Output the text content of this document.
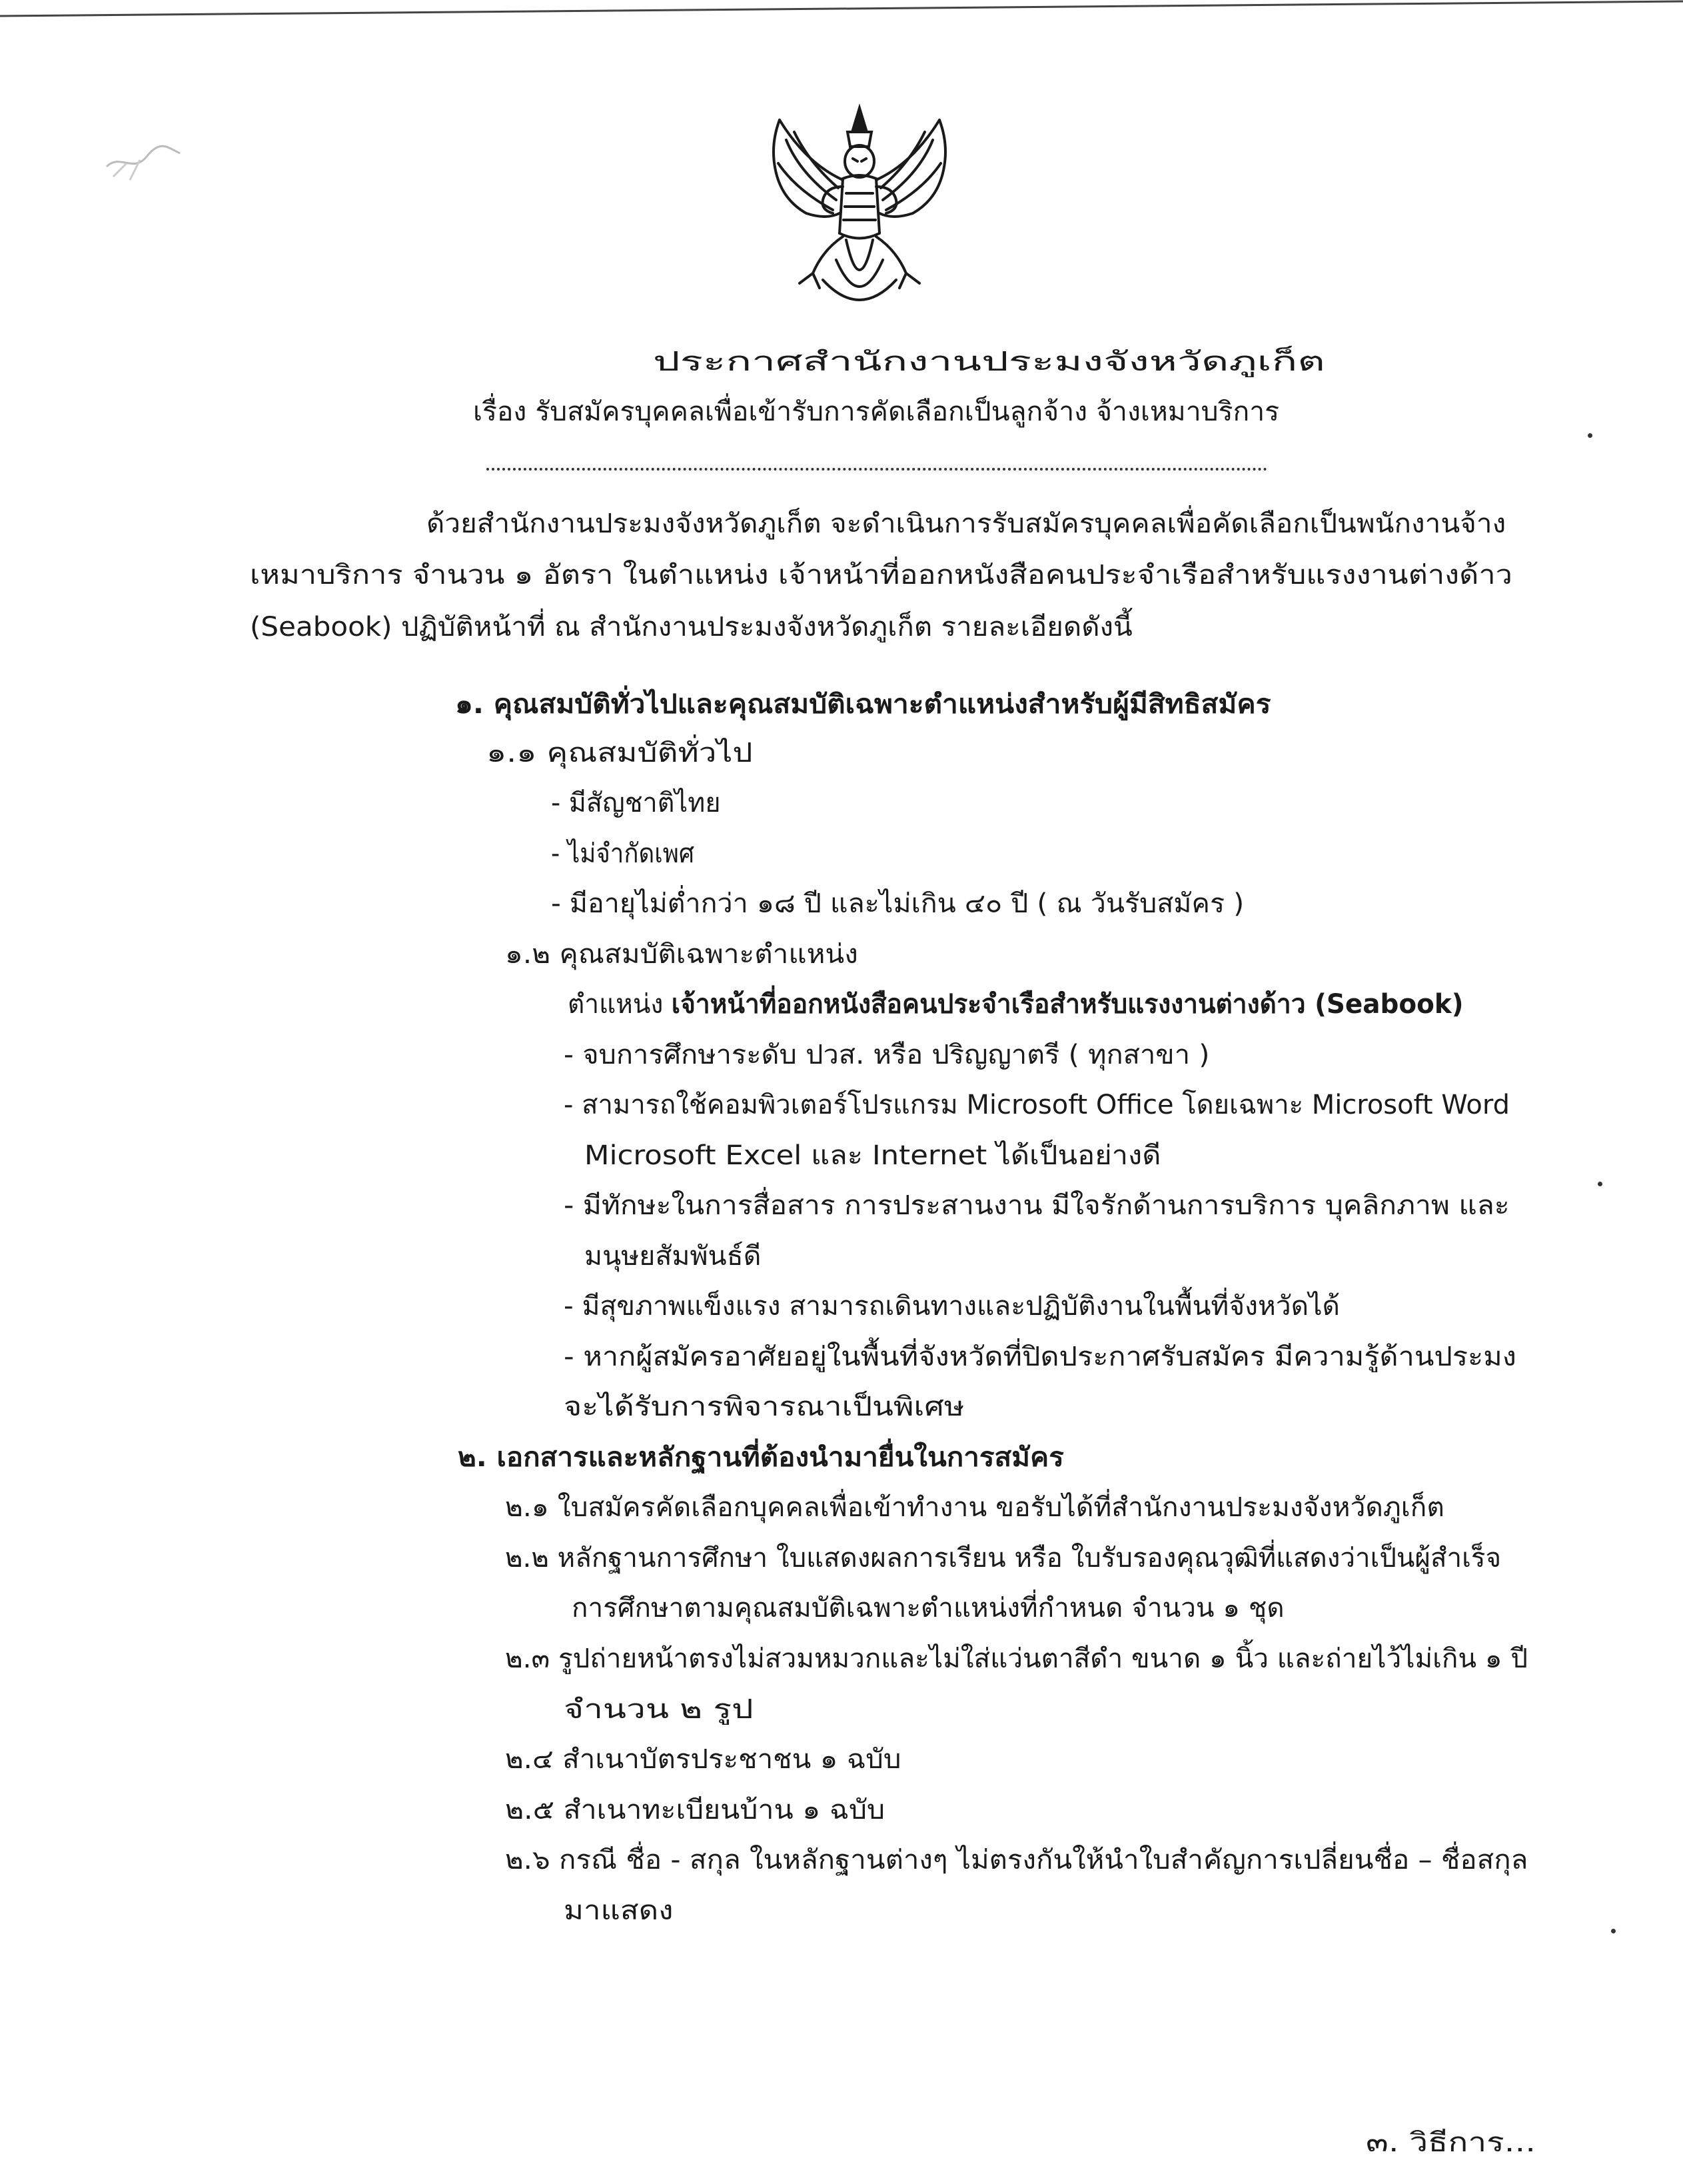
ประกาศสำนักงานประมงจังหวัดภูเก็ต
เรื่อง รับสมัครบุคคลเพื่อเข้ารับการคัดเลือกเป็นลูกจ้าง จ้างเหมาบริการ
ด้วยสำนักงานประมงจังหวัดภูเก็ต จะดำเนินการรับสมัครบุคคลเพื่อคัดเลือกเป็นพนักงานจ้าง
เหมาบริการ จำนวน ๑ อัตรา ในตำแหน่ง เจ้าหน้าที่ออกหนังสือคนประจำเรือสำหรับแรงงานต่างด้าว
(Seabook) ปฏิบัติหน้าที่ ณ สำนักงานประมงจังหวัดภูเก็ต รายละเอียดดังนี้
๑. คุณสมบัติทั่วไปและคุณสมบัติเฉพาะตำแหน่งสำหรับผู้มีสิทธิสมัคร
๑.๑ คุณสมบัติทั่วไป
- มีสัญชาติไทย
- ไม่จำกัดเพศ
- มีอายุไม่ต่ำกว่า ๑๘ ปี และไม่เกิน ๔๐ ปี ( ณ วันรับสมัคร )
๑.๒ คุณสมบัติเฉพาะตำแหน่ง
ตำแหน่ง เจ้าหน้าที่ออกหนังสือคนประจำเรือสำหรับแรงงานต่างด้าว (Seabook)
- จบการศึกษาระดับ ปวส. หรือ ปริญญาตรี ( ทุกสาขา )
- สามารถใช้คอมพิวเตอร์โปรแกรม Microsoft Office โดยเฉพาะ Microsoft Word
Microsoft Excel และ Internet ได้เป็นอย่างดี
- มีทักษะในการสื่อสาร การประสานงาน มีใจรักด้านการบริการ บุคลิกภาพ และ
มนุษยสัมพันธ์ดี
- มีสุขภาพแข็งแรง สามารถเดินทางและปฏิบัติงานในพื้นที่จังหวัดได้
- หากผู้สมัครอาศัยอยู่ในพื้นที่จังหวัดที่ปิดประกาศรับสมัคร มีความรู้ด้านประมง
จะได้รับการพิจารณาเป็นพิเศษ
๒. เอกสารและหลักฐานที่ต้องนำมายื่นในการสมัคร
๒.๑ ใบสมัครคัดเลือกบุคคลเพื่อเข้าทำงาน ขอรับได้ที่สำนักงานประมงจังหวัดภูเก็ต
๒.๒ หลักฐานการศึกษา ใบแสดงผลการเรียน หรือ ใบรับรองคุณวุฒิที่แสดงว่าเป็นผู้สำเร็จ
การศึกษาตามคุณสมบัติเฉพาะตำแหน่งที่กำหนด จำนวน ๑ ชุด
๒.๓ รูปถ่ายหน้าตรงไม่สวมหมวกและไม่ใส่แว่นตาสีดำ ขนาด ๑ นิ้ว และถ่ายไว้ไม่เกิน ๑ ปี
จำนวน ๒ รูป
๒.๔ สำเนาบัตรประชาชน ๑ ฉบับ
๒.๕ สำเนาทะเบียนบ้าน ๑ ฉบับ
๒.๖ กรณี ชื่อ - สกุล ในหลักฐานต่างๆ ไม่ตรงกันให้นำใบสำคัญการเปลี่ยนชื่อ – ชื่อสกุล
มาแสดง
๓. วิธีการ...
